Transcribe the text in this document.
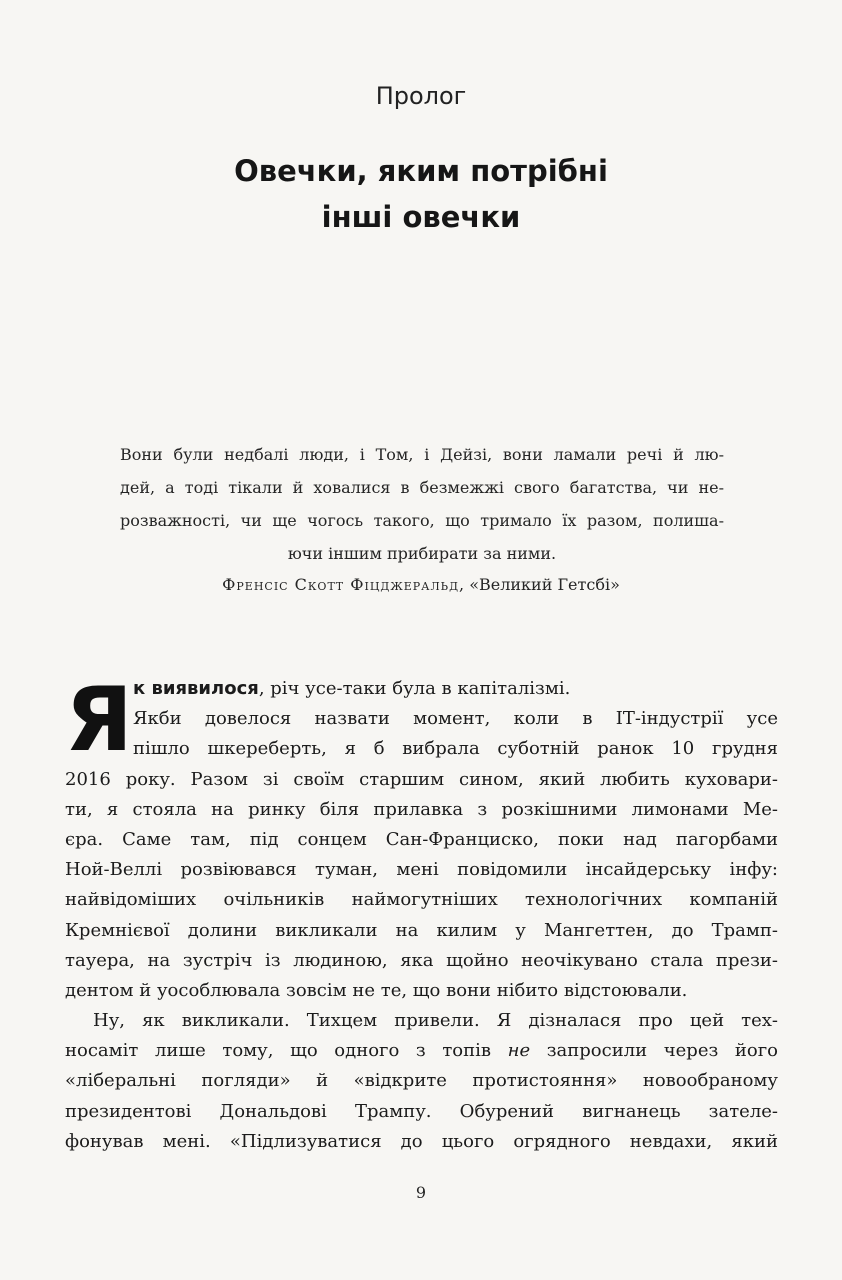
Пролог
Овечки, яким потрібні
інші овечки
Вони були недбалі люди, і Том, і Дейзі, вони ламали речі й лю-
дей, а тоді тікали й ховалися в безмежжі свого багатства, чи не-
розважності, чи ще чогось такого, що тримало їх разом, полиша-
ючи іншим прибирати за ними.
Френсіс Скотт Фіцджеральд, «Великий Гетсбі»
Я к виявилося, річ усе-таки була в капіталізмі.
Якби довелося назвати момент, коли в ІТ-індустрії усе
пішло шкереберть, я б вибрала суботній ранок 10 грудня
2016 року. Разом зі своїм старшим сином, який любить куховари-
ти, я стояла на ринку біля прилавка з розкішними лимонами Ме-
єра. Саме там, під сонцем Сан-Франциско, поки над пагорбами
Ной-Веллі розвіювався туман, мені повідомили інсайдерську інфу:
найвідоміших очільників наймогутніших технологічних компаній
Кремнієвої долини викликали на килим у Мангеттен, до Трамп-
тауера, на зустріч із людиною, яка щойно неочікувано стала прези-
дентом й уособлювала зовсім не те, що вони нібито відстоювали.
Ну, як викликали. Тихцем привели. Я дізналася про цей тех-
носаміт лише тому, що одного з топів не запросили через його
«ліберальні погляди» й «відкрите протистояння» новообраному
президентові Дональдові Трампу. Обурений вигнанець зателе-
фонував мені. «Підлизуватися до цього огрядного невдахи, який
9
